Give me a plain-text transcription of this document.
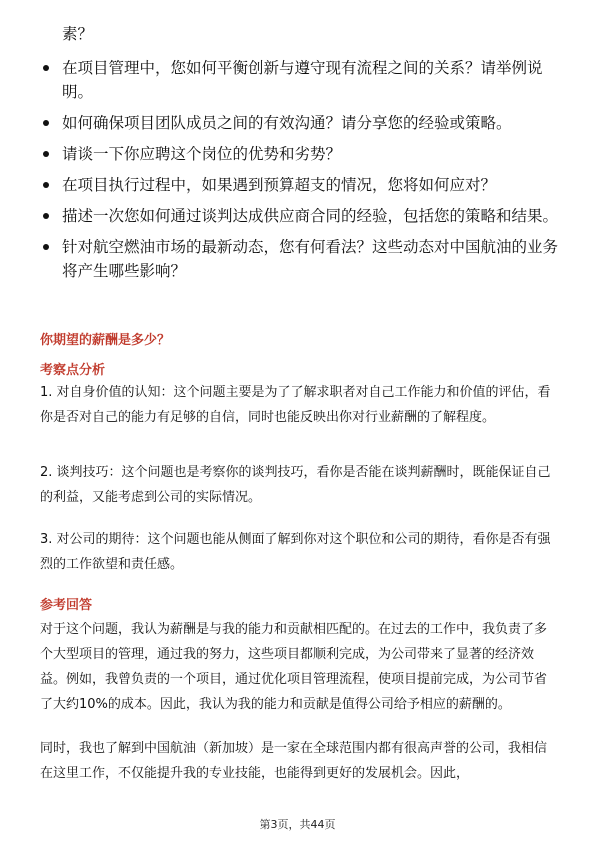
素？

在项目管理中，您如何平衡创新与遵守现有流程之间的关系？请举例说明。
如何确保项目团队成员之间的有效沟通？请分享您的经验或策略。
请谈一下你应聘这个岗位的优势和劣势？
在项目执行过程中，如果遇到预算超支的情况，您将如何应对？
描述一次您如何通过谈判达成供应商合同的经验，包括您的策略和结果。
针对航空燃油市场的最新动态，您有何看法？这些动态对中国航油的业务将产生哪些影响？

你期望的薪酬是多少？

考察点分析

1. 对自身价值的认知：这个问题主要是为了了解求职者对自己工作能力和价值的评估，看你是否对自己的能力有足够的自信，同时也能反映出你对行业薪酬的了解程度。

2. 谈判技巧：这个问题也是考察你的谈判技巧，看你是否能在谈判薪酬时，既能保证自己的利益，又能考虑到公司的实际情况。

3. 对公司的期待：这个问题也能从侧面了解到你对这个职位和公司的期待，看你是否有强烈的工作欲望和责任感。

参考回答

对于这个问题，我认为薪酬是与我的能力和贡献相匹配的。在过去的工作中，我负责了多个大型项目的管理，通过我的努力，这些项目都顺利完成，为公司带来了显著的经济效益。例如，我曾负责的一个项目，通过优化项目管理流程，使项目提前完成，为公司节省了大约10%的成本。因此，我认为我的能力和贡献是值得公司给予相应的薪酬的。

同时，我也了解到中国航油（新加坡）是一家在全球范围内都有很高声誉的公司，我相信在这里工作，不仅能提升我的专业技能，也能得到更好的发展机会。因此，

第3页，共44页
